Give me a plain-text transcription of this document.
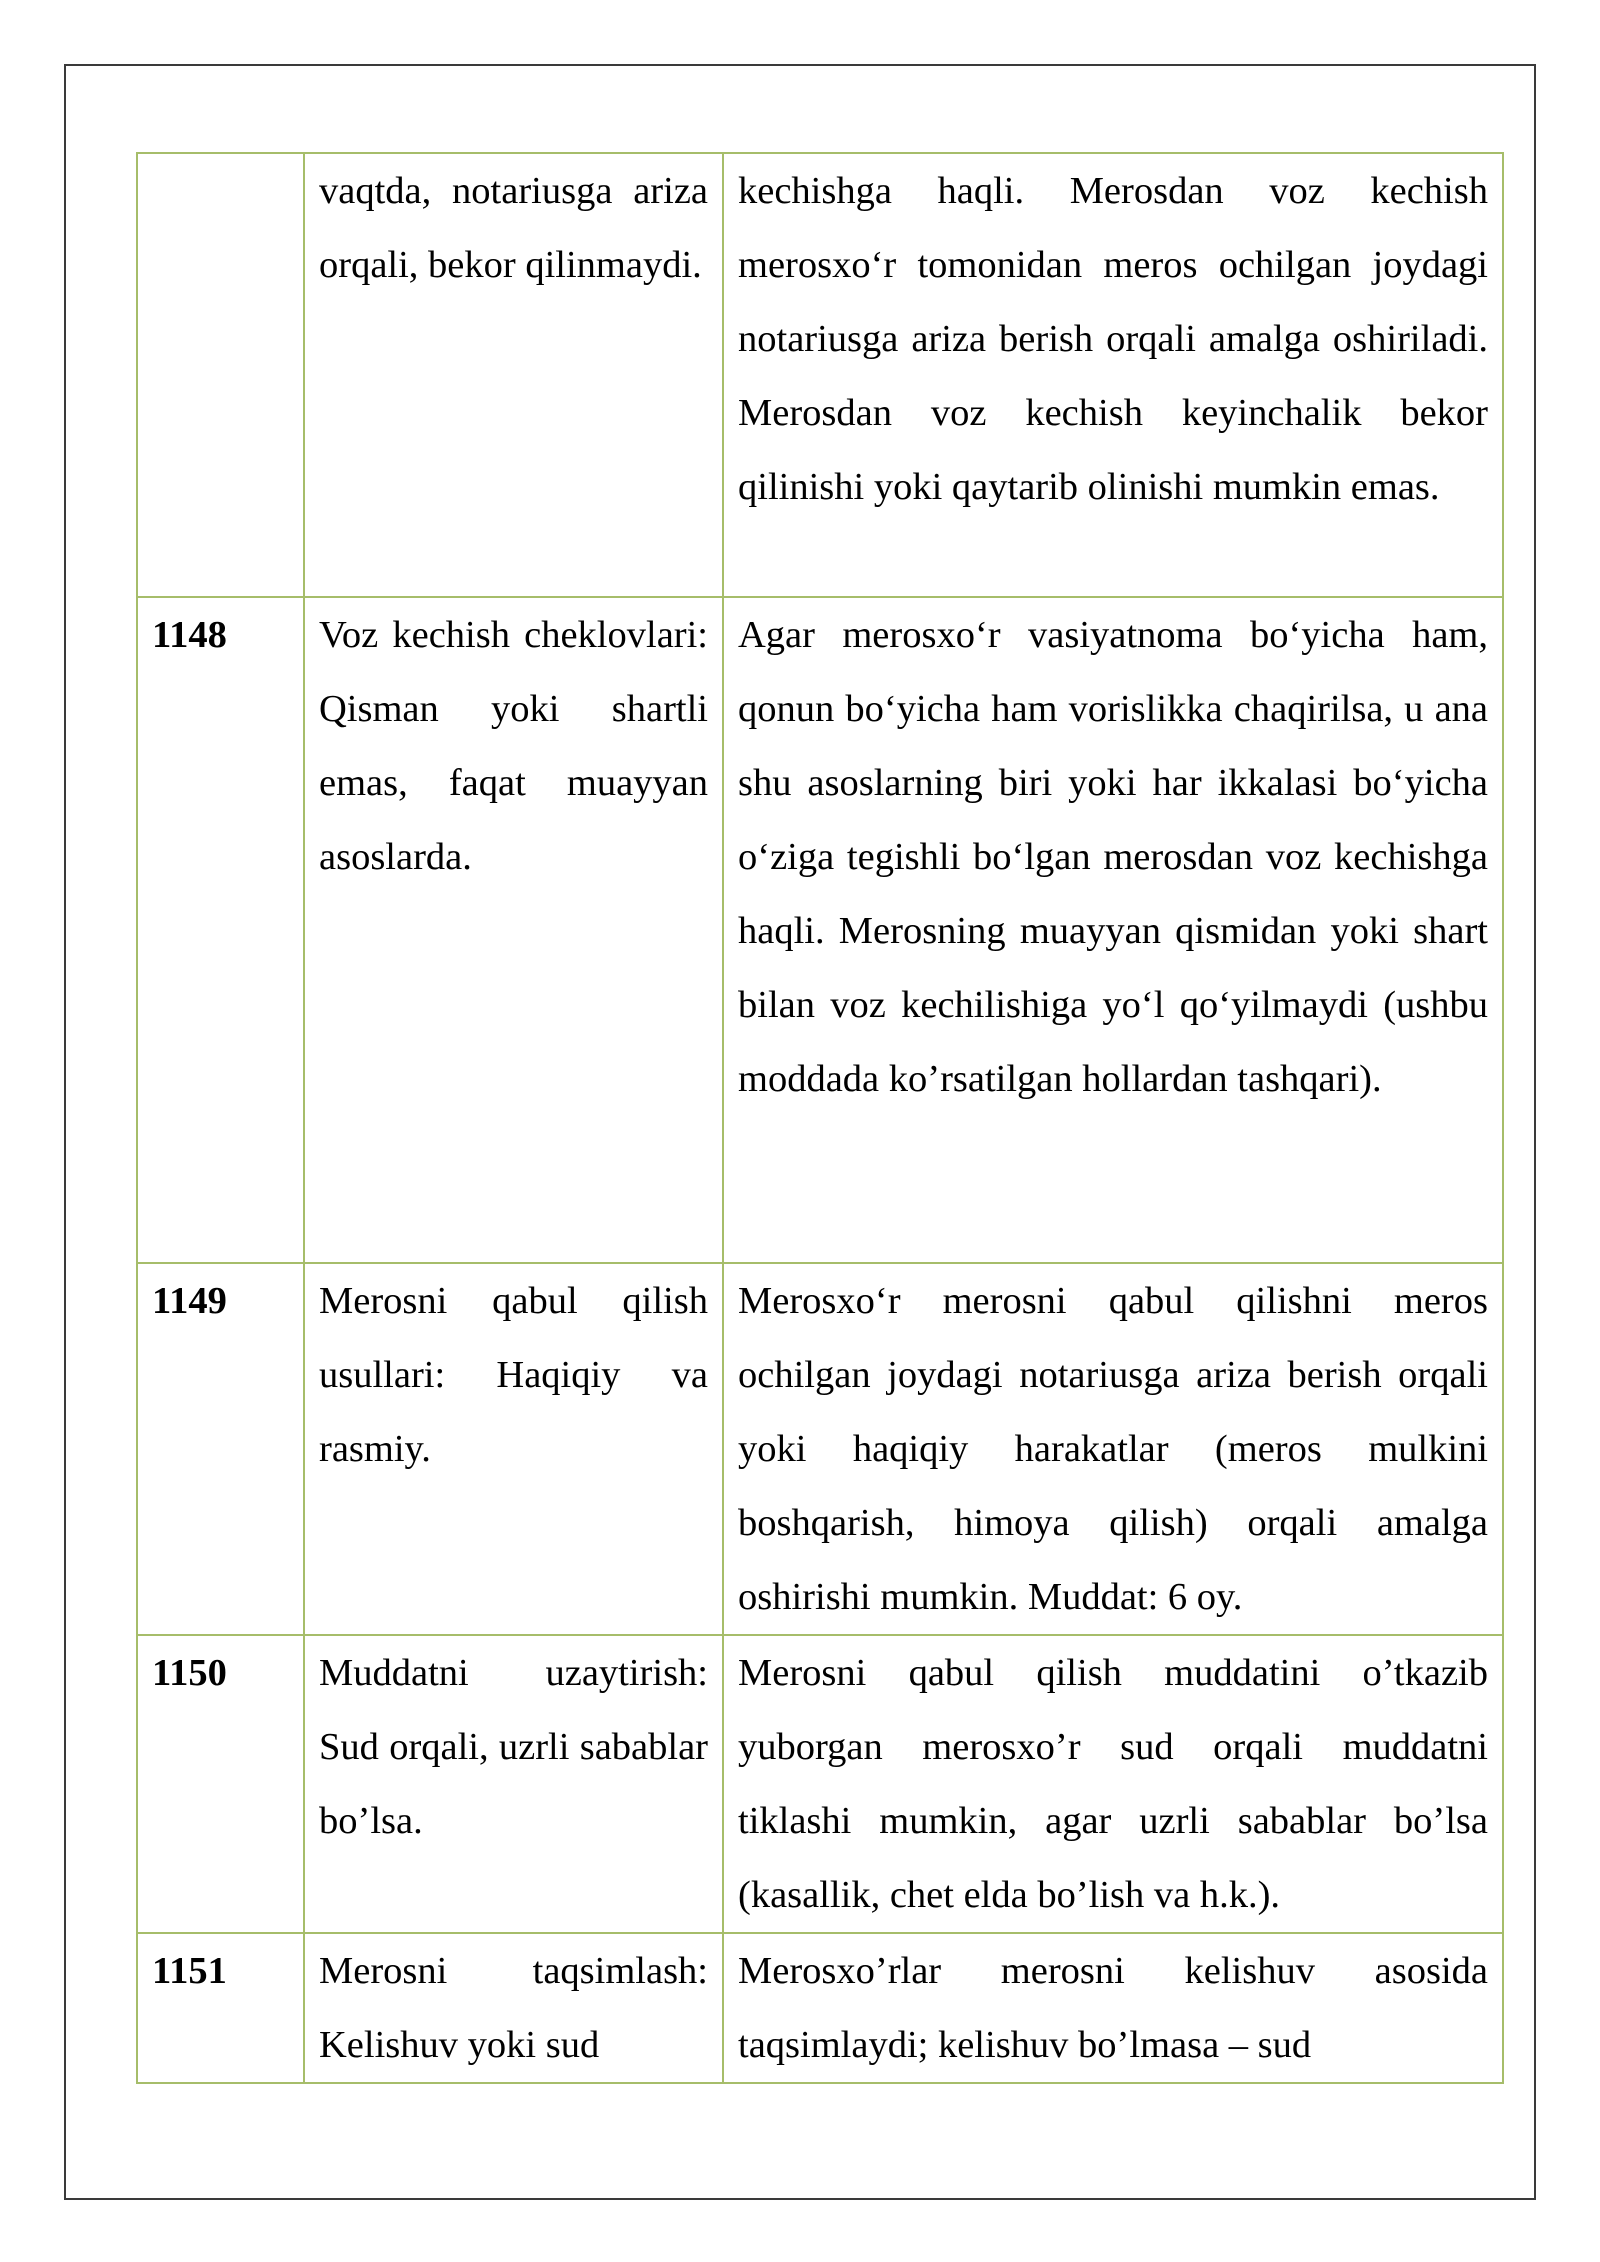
	vaqtda, notariusga ariza orqali, bekor qilinmaydi.	kechishga haqli. Merosdan voz kechish merosxo‘r tomonidan meros ochilgan joydagi notariusga ariza berish orqali amalga oshiriladi. Merosdan voz kechish keyinchalik bekor qilinishi yoki qaytarib olinishi mumkin emas.
1148	Voz kechish cheklovlari: Qisman yoki shartli emas, faqat muayyan asoslarda.	Agar merosxo‘r vasiyatnoma bo‘yicha ham, qonun bo‘yicha ham vorislikka chaqirilsa, u ana shu asoslarning biri yoki har ikkalasi bo‘yicha o‘ziga tegishli bo‘lgan merosdan voz kechishga haqli. Merosning muayyan qismidan yoki shart bilan voz kechilishiga yo‘l qo‘yilmaydi (ushbu moddada ko’rsatilgan hollardan tashqari).
1149	Merosni qabul qilish usullari: Haqiqiy va rasmiy.	Merosxo‘r merosni qabul qilishni meros ochilgan joydagi notariusga ariza berish orqali yoki haqiqiy harakatlar (meros mulkini boshqarish, himoya qilish) orqali amalga oshirishi mumkin. Muddat: 6 oy.
1150	Muddatni uzaytirish: Sud orqali, uzrli sabablar bo’lsa.	Merosni qabul qilish muddatini o’tkazib yuborgan merosxo’r sud orqali muddatni tiklashi mumkin, agar uzrli sabablar bo’lsa (kasallik, chet elda bo’lish va h.k.).
1151	Merosni taqsimlash: Kelishuv yoki sud	Merosxo’rlar merosni kelishuv asosida taqsimlaydi; kelishuv bo’lmasa – sud
